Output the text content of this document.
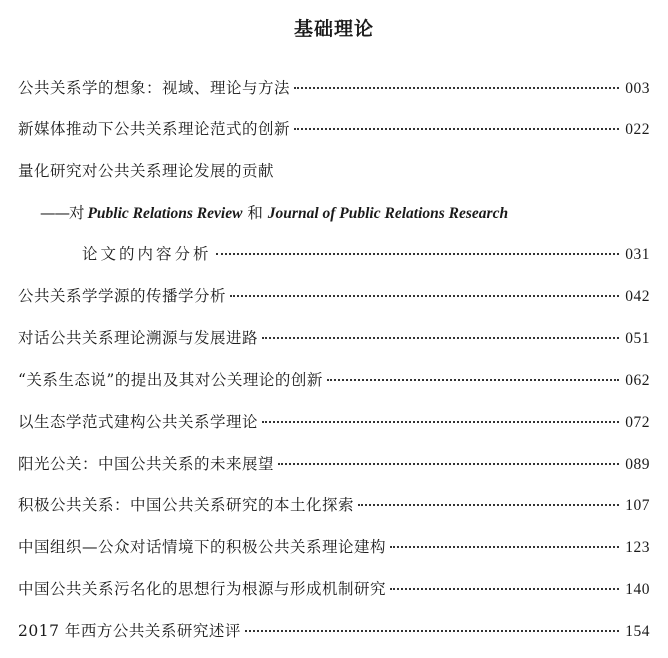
基础理论
公共关系学的想象：视域、理论与方法	003
新媒体推动下公共关系理论范式的创新	022
量化研究对公共关系理论发展的贡献
——对 Public Relations Review 和 Journal of Public Relations Research
论文的内容分析	031
公共关系学学源的传播学分析	042
对话公共关系理论溯源与发展进路	051
“关系生态说”的提出及其对公关理论的创新	062
以生态学范式建构公共关系学理论	072
阳光公关：中国公共关系的未来展望	089
积极公共关系：中国公共关系研究的本土化探索	107
中国组织—公众对话情境下的积极公共关系理论建构	123
中国公共关系污名化的思想行为根源与形成机制研究	140
2017 年西方公共关系研究述评	154
